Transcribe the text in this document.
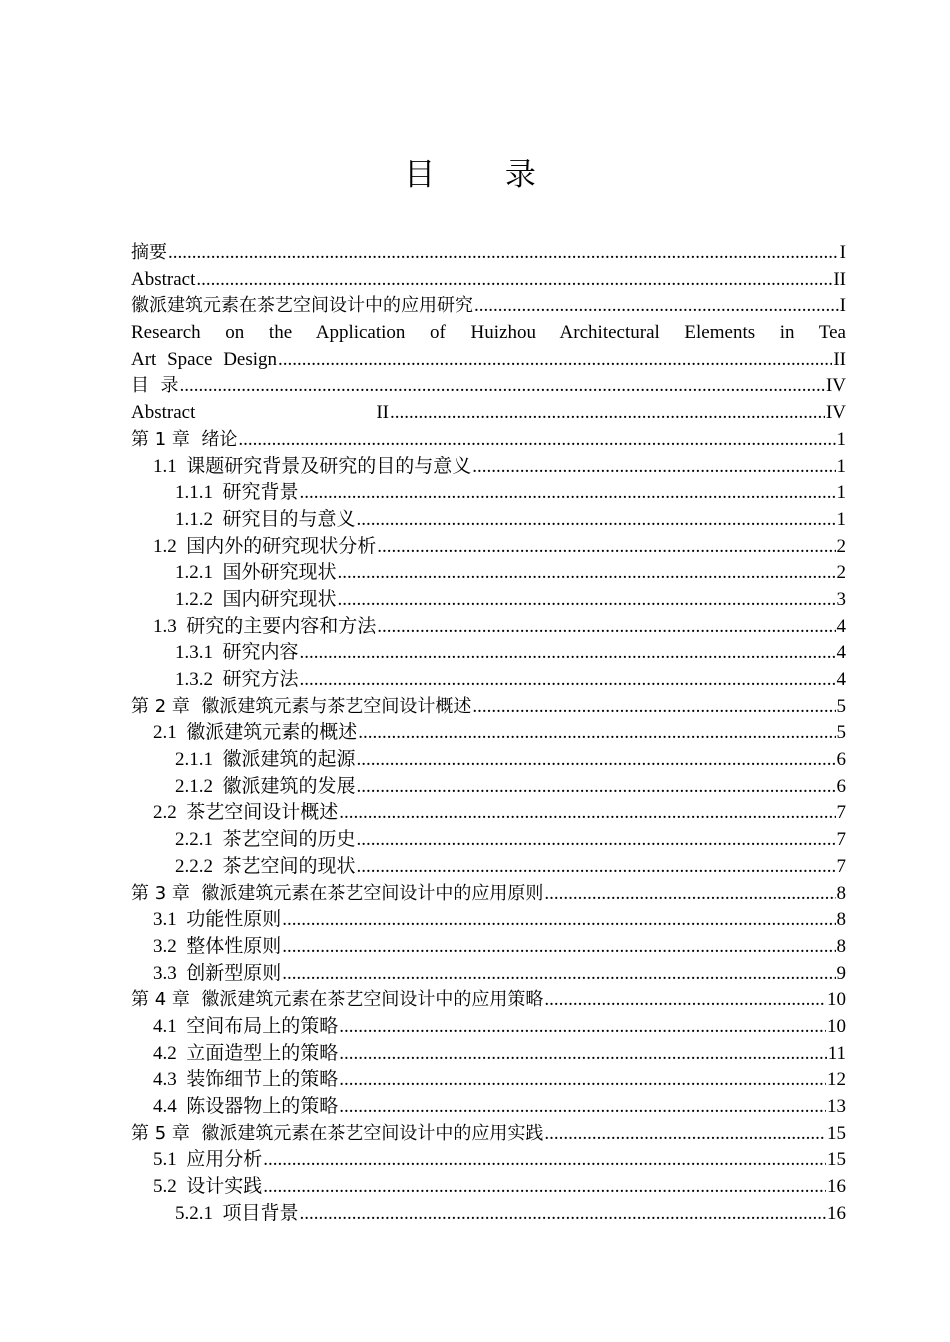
目 录
摘要 .....	I
Abstract .....	II
徽派建筑元素在茶艺空间设计中的应用研究 .....	I
Research on the Application of Huizhou Architectural Elements in Tea
Art Space Design .....	II
目  录 .....	IV
Abstract	II .....	IV
第 1 章  绪论 .....	1
1.1  课题研究背景及研究的目的与意义 .....	1
1.1.1  研究背景 .....	1
1.1.2  研究目的与意义 .....	1
1.2  国内外的研究现状分析 .....	2
1.2.1  国外研究现状 .....	2
1.2.2  国内研究现状 .....	3
1.3  研究的主要内容和方法 .....	4
1.3.1  研究内容 .....	4
1.3.2  研究方法 .....	4
第 2 章  徽派建筑元素与茶艺空间设计概述 .....	5
2.1  徽派建筑元素的概述 .....	5
2.1.1  徽派建筑的起源 .....	6
2.1.2  徽派建筑的发展 .....	6
2.2  茶艺空间设计概述 .....	7
2.2.1  茶艺空间的历史 .....	7
2.2.2  茶艺空间的现状 .....	7
第 3 章  徽派建筑元素在茶艺空间设计中的应用原则 .....	8
3.1  功能性原则 .....	8
3.2  整体性原则 .....	8
3.3  创新型原则 .....	9
第 4 章  徽派建筑元素在茶艺空间设计中的应用策略 .....	10
4.1  空间布局上的策略 .....	10
4.2  立面造型上的策略 .....	11
4.3  装饰细节上的策略 .....	12
4.4  陈设器物上的策略 .....	13
第 5 章  徽派建筑元素在茶艺空间设计中的应用实践 .....	15
5.1  应用分析 .....	15
5.2  设计实践 .....	16
5.2.1  项目背景 .....	16
